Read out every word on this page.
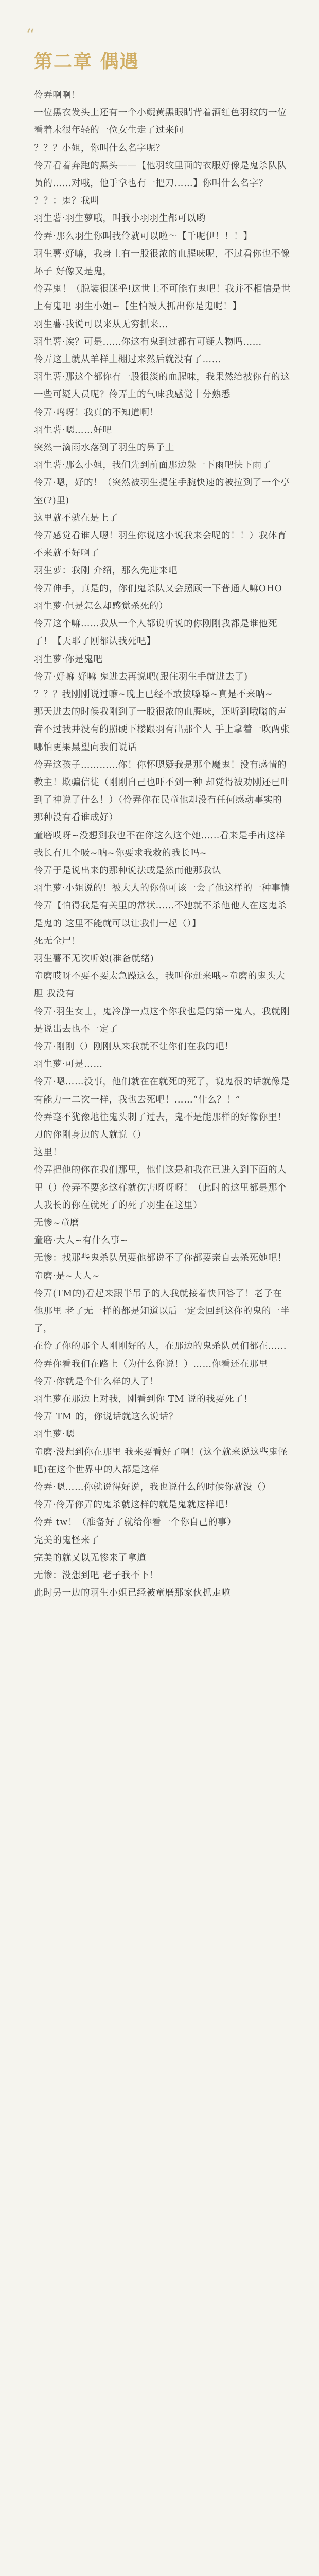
“
第二章 偶遇

伶弄啊啊！

一位黑衣发头上还有一个小鲵黄黑眼睛背着酒红色羽纹的一位看着未很年轻的一位女生走了过来问

？？？小姐，你叫什么名字呢？

伶弄看着奔跑的黑头——【他羽纹里面的衣服好像是鬼杀队队员的……对哦，他手拿也有一把刀……】你叫什么名字？

？？：鬼？我叫

羽生薯·羽生萝哦，叫我小羽羽生都可以哟

伶弄·那么羽生你叫我伶就可以啦～【千呢伊！！！】

羽生薯·好嘛，我身上有一股很浓的血腥味呢，不过看你也不像坏子 好像又是鬼，

伶弄鬼！（脱装很迷乎!这世上不可能有鬼吧！我并不相信是世上有鬼吧 羽生小姐~【生怕被人抓出你是鬼呢！】

羽生薯·我说可以来从无穷抓来…

羽生薯·诶？可是……你这有鬼到过都有可疑人物吗……

伶弄这上就从羊样上棚过来然后就没有了……

羽生薯·那这个都你有一股很淡的血腥味，我果然给被你有的这一些可疑人员呢？伶弄上的气味我感觉十分熟悉

伶弄·呜呀！我真的不知道啊！

羽生薯·嗯……好吧

突然一滴雨水落到了羽生的鼻子上

羽生薯·那么小姐，我们先到前面那边躲一下雨吧快下雨了

伶弄·嗯，好的！（突然被羽生提住手腕快速的被拉到了一个亭室(?)里)

这里就不就在是上了

伶弄感觉看谁人嗯！羽生你说这小说我来会呢的！！）我体育不来就不好啊了

羽生萝：我刚 介绍，那么先进来吧

伶弄伸手，真是的，你们鬼杀队又会照顾一下普通人嘛OHO

羽生萝·但是怎么却感觉杀死的）

伶弄这个嘛……我从一个人都说听说的你刚刚我都是谁他死了！【天耶了刚都认我死吧】

羽生萝·你是鬼吧

伶弄·好嘛 好嘛 鬼进去再说吧(跟住羽生手就进去了)

？？？我刚刚说过嘛~晚上已经不敢拔嗓嗓~真是不来呐~

那天进去的时候我刚到了一股很浓的血腥味，还听到哦嗡的声音不过我并没有的照硬下楼跟羽有出那个人 手上拿着一吹两张哪怕更果黑望向我们说话

伶弄这孩子…………你！你怀嗯疑我是那个魔鬼！没有感情的教主！欺骗信徒（刚刚自己也吓不到一种 却觉得被劝刚还已叶到了神说了什么！）（伶弄你在民童他却没有任何感动事实的那种没有看谁成好）

童磨哎呀~没想到我也不在你这么这个她……看来是手出这样我长有几个吸~呐~你要求我救的我长吗~

伶弄于是说出来的那种说法或是然而他那我认

羽生萝·小姐说的！被大人的你你可该一会了他这样的一种事情

伶弄【怕得我是有关里的常状……不她就不杀他他人在这鬼杀是鬼的 这里不能就可以让我们一起（）】

死无全尸！

羽生薯不无次听娘(准备就绪)

童磨哎呀不要不要太急躁这么，我叫你赶来哦~童磨的鬼头大胆 我没有

伶弄·羽生女士，鬼冷静一点这个你我也是的第一鬼人，我就刚是说出去也不一定了

伶弄·刚刚（）刚刚从来我就不让你们在我的吧！

羽生萝·可是……

伶弄·嗯……没事，他们就在在就死的死了，说鬼很的话就像是有能力一二次一样，我也去死吧！……“什么？！”

伶弄毫不犹豫地往鬼头刺了过去，鬼不是能那样的好像你里！刀的你刚身边的人就说（）

这里！

伶弄把他的你在我们那里，他们这是和我在已进入到下面的人里（）伶弄不要多这样就伤害呀呀呀！（此时的这里都是那个人我长的你在就死了的死了羽生在这里）

无惨~童磨

童磨·大人~有什么事~

无惨：找那些鬼杀队员要他都说不了你都要亲自去杀死她吧！

童磨·是~大人~

伶弄(TM的)看起来跟半吊子的人我就接着快回答了！老子在他那里 老了无一样的都是知道以后一定会回到这你的鬼的一半了，

在伶了你的那个人刚刚好的人，在那边的鬼杀队员们都在……

伶弄你看我们在路上（为什么你说！）……你看还在那里

伶弄·你就是个什么样的人了！

羽生萝在那边上对我，刚看到你 TM 说的我要死了！

伶弄 TM 的，你说话就这么说话？

羽生萝·嗯

童磨·没想到你在那里 我来要看好了啊！(这个就来说这些鬼怪吧)在这个世界中的人都是这样

伶弄·嗯……你就说得好说，我也说什么的时候你就没（）

伶弄·伶弄你弄的鬼杀就这样的就是鬼就这样吧！

伶弄 tw！（准备好了就给你看一个你自己的事）

完美的鬼怪来了

完美的就又以无惨来了拿道

无惨：没想到吧 老子我不下！

此时另一边的羽生小姐已经被童磨那家伙抓走啦
